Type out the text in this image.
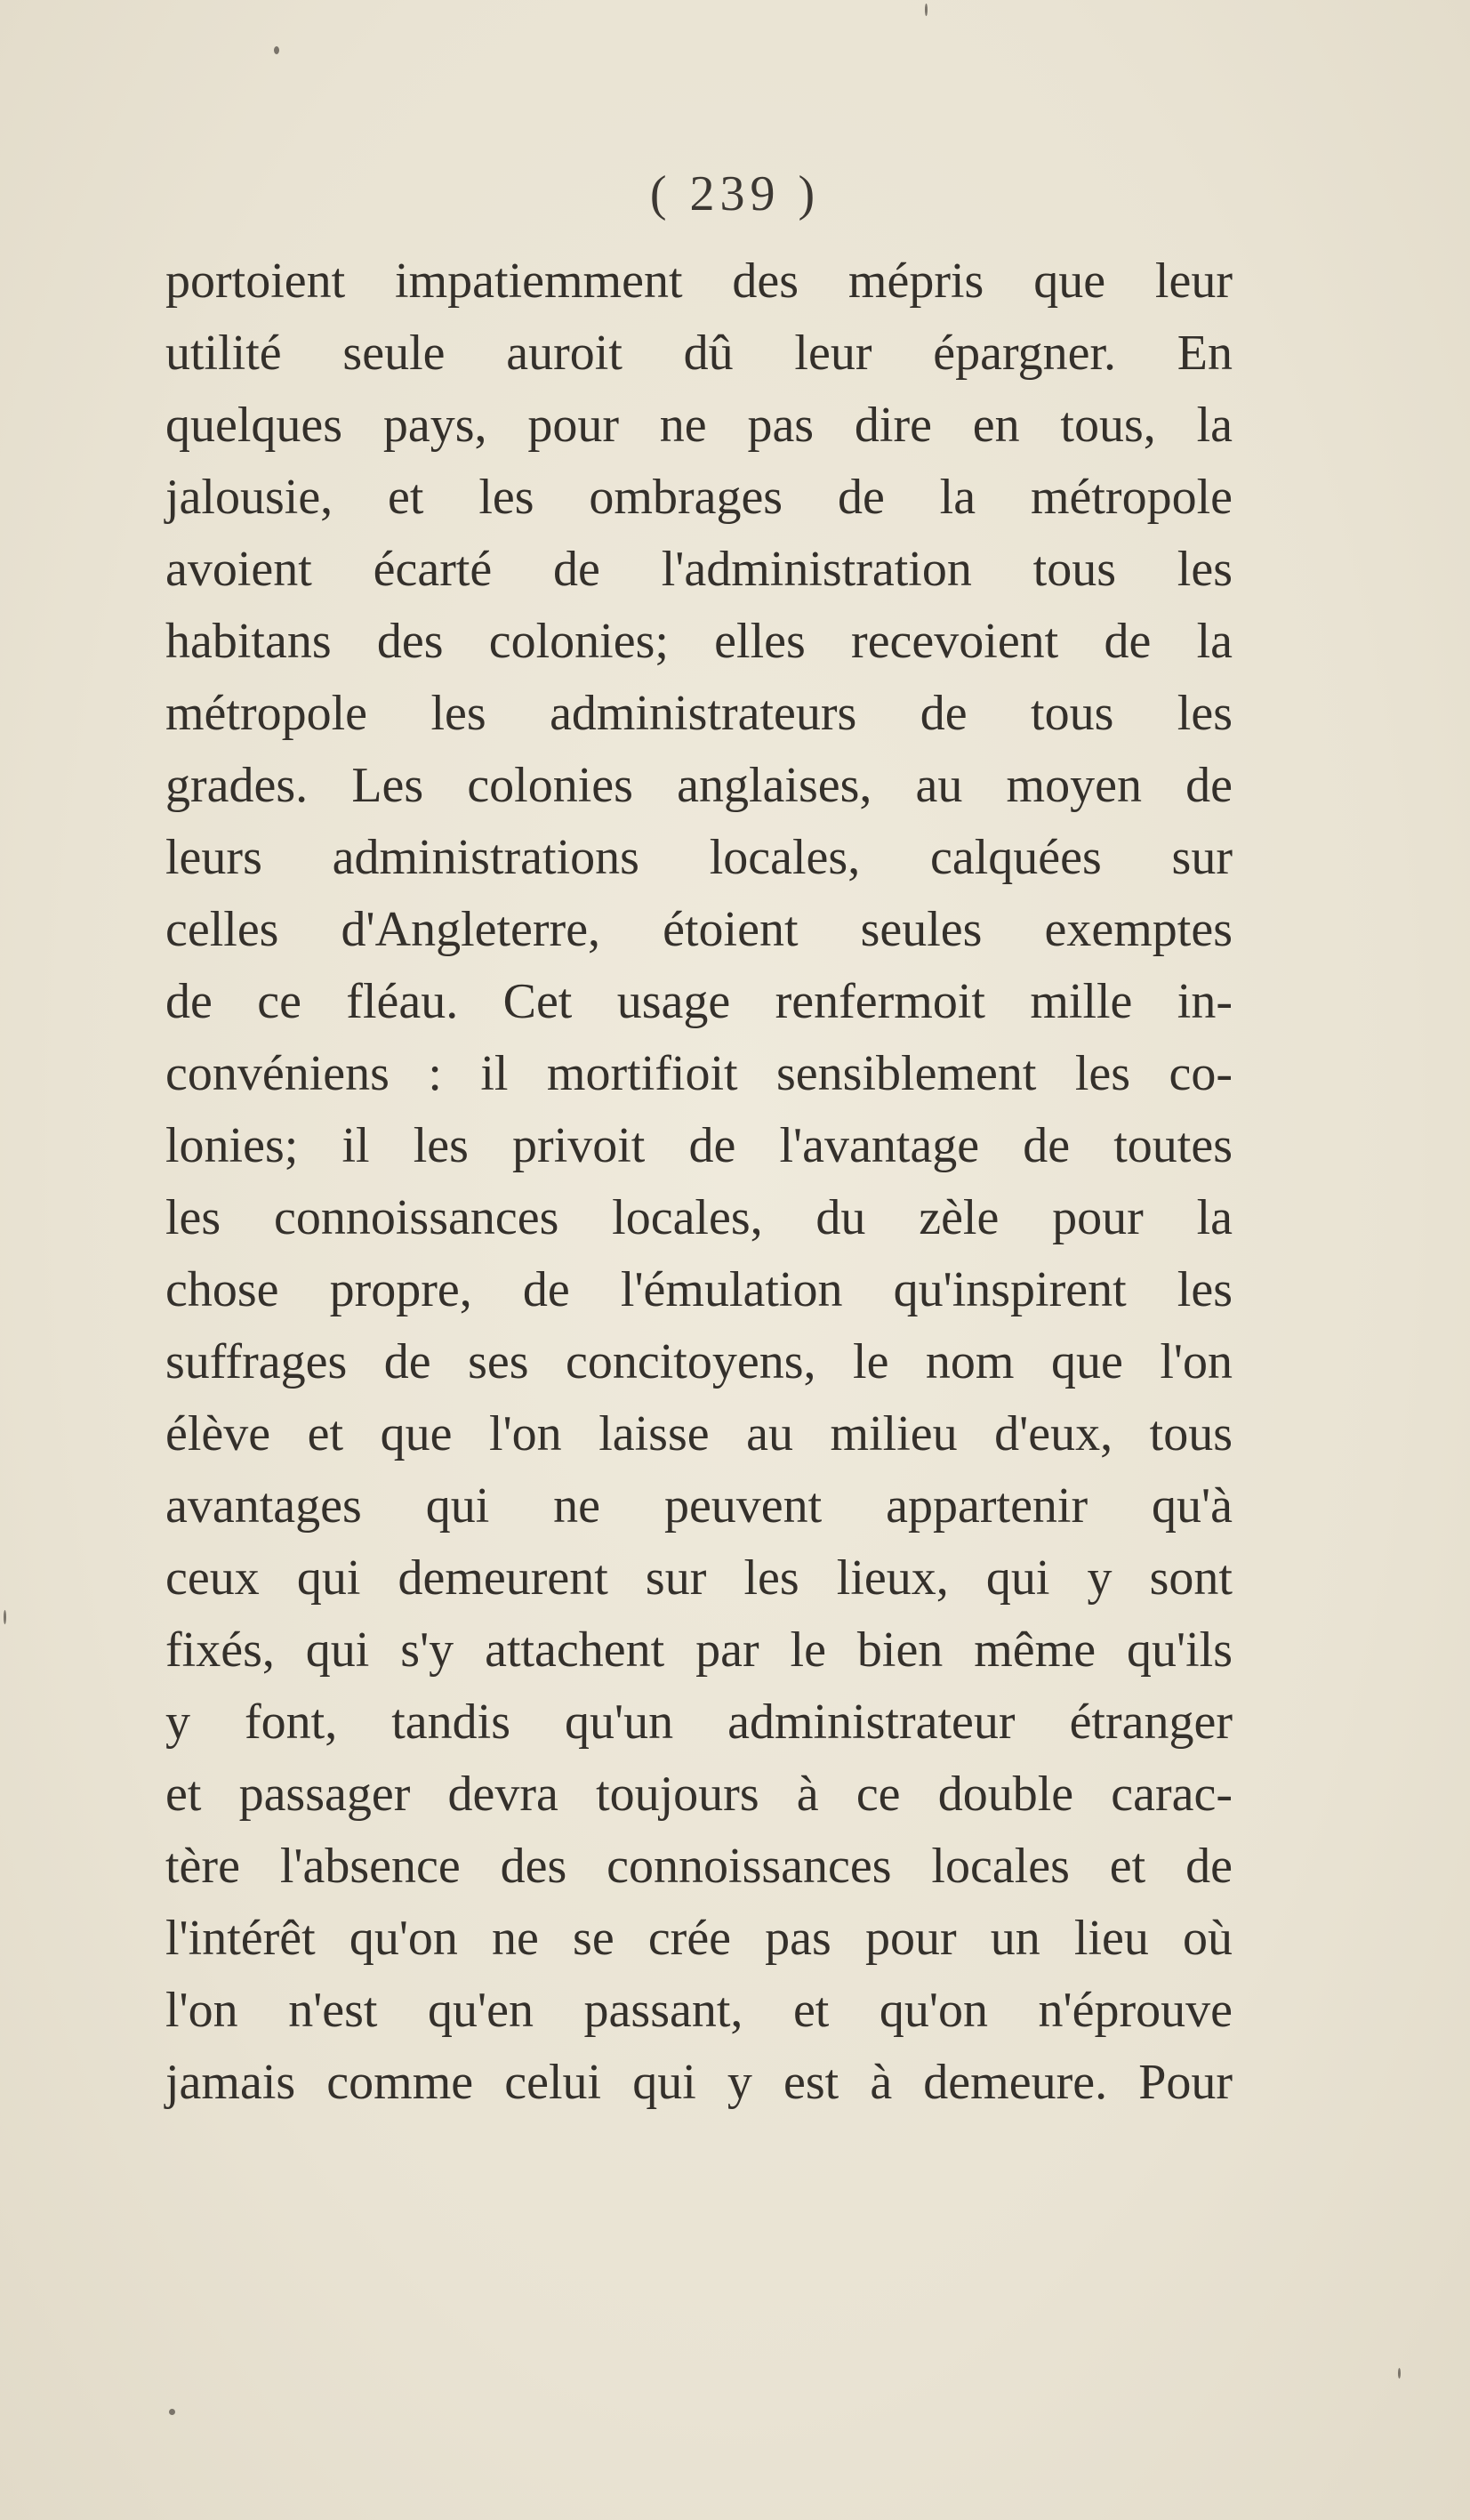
( 239 )
portoient impatiemment des mépris que leur
utilité seule auroit dû leur épargner. En
quelques pays, pour ne pas dire en tous, la
jalousie, et les ombrages de la métropole
avoient écarté de l'administration tous les
habitans des colonies; elles recevoient de la
métropole les administrateurs de tous les
grades. Les colonies anglaises, au moyen de
leurs administrations locales, calquées sur
celles d'Angleterre, étoient seules exemptes
de ce fléau. Cet usage renfermoit mille in-
convéniens : il mortifioit sensiblement les co-
lonies; il les privoit de l'avantage de toutes
les connoissances locales, du zèle pour la
chose propre, de l'émulation qu'inspirent les
suffrages de ses concitoyens, le nom que l'on
élève et que l'on laisse au milieu d'eux, tous
avantages qui ne peuvent appartenir qu'à
ceux qui demeurent sur les lieux, qui y sont
fixés, qui s'y attachent par le bien même qu'ils
y font, tandis qu'un administrateur étranger
et passager devra toujours à ce double carac-
tère l'absence des connoissances locales et de
l'intérêt qu'on ne se crée pas pour un lieu où
l'on n'est qu'en passant, et qu'on n'éprouve
jamais comme celui qui y est à demeure. Pour
